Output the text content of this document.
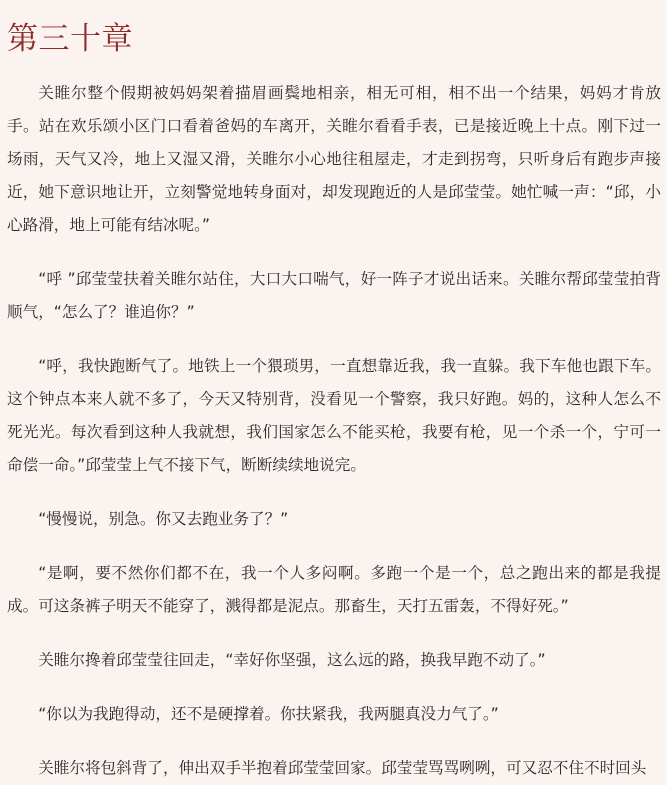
第三十章

关睢尔整个假期被妈妈架着描眉画鬓地相亲，相无可相，相不出一个结果，妈妈才肯放手。站在欢乐颂小区门口看着爸妈的车离开，关睢尔看看手表，已是接近晚上十点。刚下过一场雨，天气又冷，地上又湿又滑，关睢尔小心地往租屋走，才走到拐弯，只听身后有跑步声接近，她下意识地让开，立刻警觉地转身面对，却发现跑近的人是邱莹莹。她忙喊一声：“邱，小心路滑，地上可能有结冰呢。”

“呼 ”邱莹莹扶着关睢尔站住，大口大口喘气，好一阵子才说出话来。关睢尔帮邱莹莹拍背顺气，“怎么了？谁追你？”

“呼，我快跑断气了。地铁上一个猥琐男，一直想靠近我，我一直躲。我下车他也跟下车。这个钟点本来人就不多了，今天又特别背，没看见一个警察，我只好跑。妈的，这种人怎么不死光光。每次看到这种人我就想，我们国家怎么不能买枪，我要有枪，见一个杀一个，宁可一命偿一命。”邱莹莹上气不接下气，断断续续地说完。

“慢慢说，别急。你又去跑业务了？”

“是啊，要不然你们都不在，我一个人多闷啊。多跑一个是一个，总之跑出来的都是我提成。可这条裤子明天不能穿了，溅得都是泥点。那畜生，天打五雷轰，不得好死。”

关睢尔搀着邱莹莹往回走，“幸好你坚强，这么远的路，换我早跑不动了。”

“你以为我跑得动，还不是硬撑着。你扶紧我，我两腿真没力气了。”

关睢尔将包斜背了，伸出双手半抱着邱莹莹回家。邱莹莹骂骂咧咧，可又忍不住不时回头
